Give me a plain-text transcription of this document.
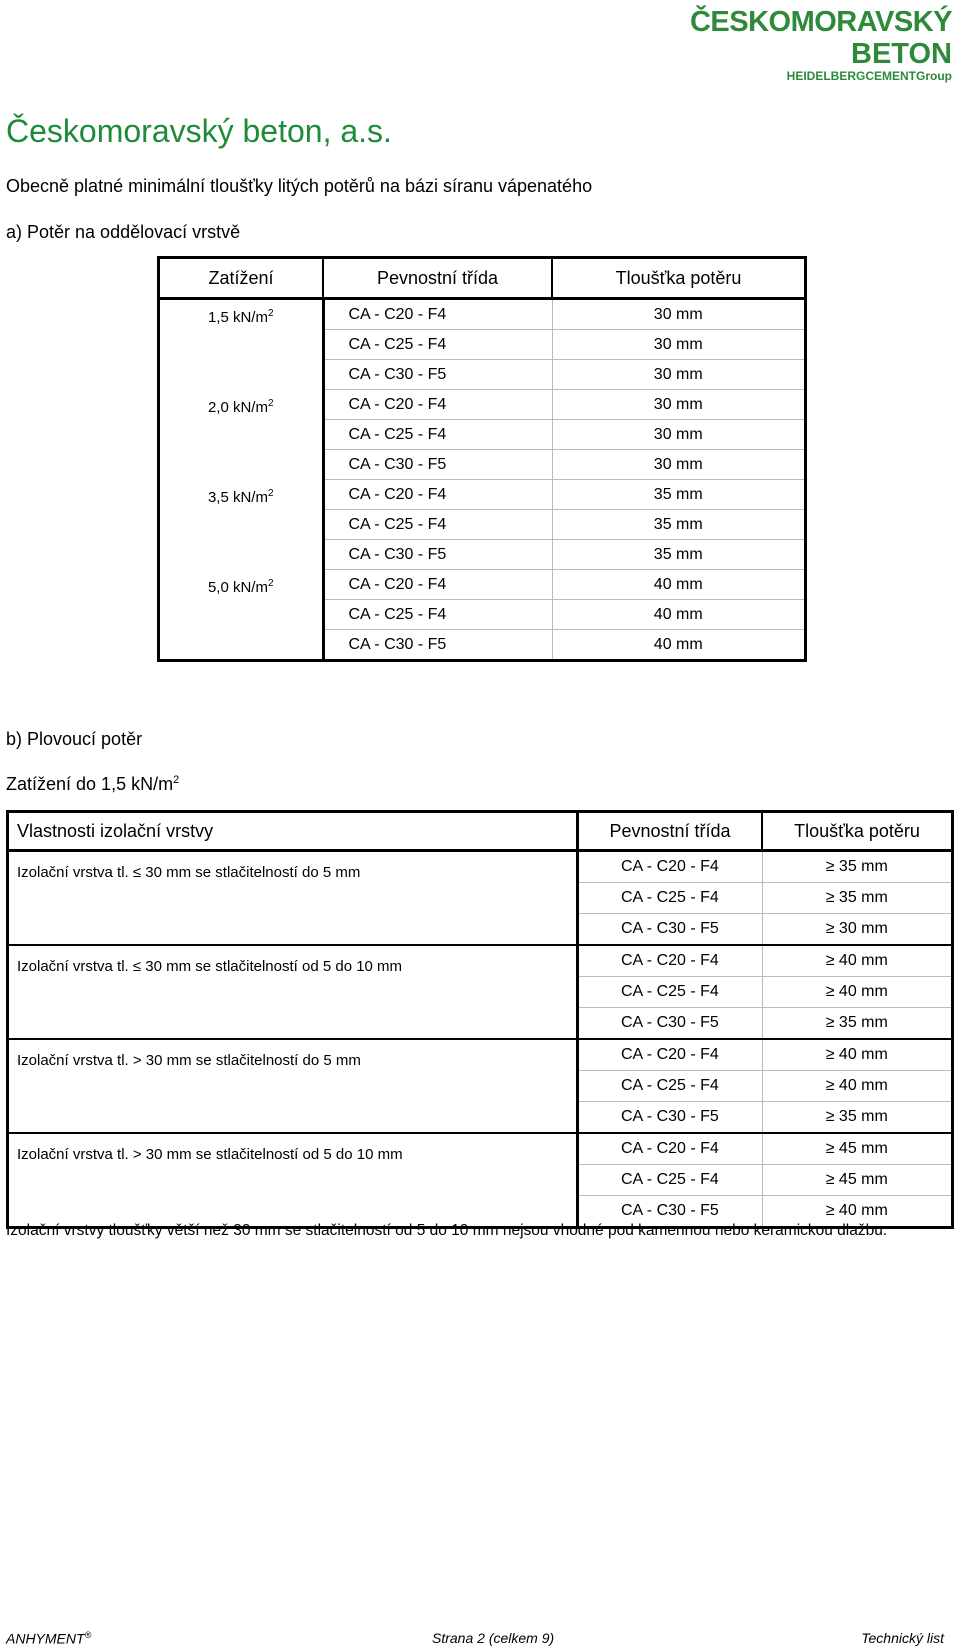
ČESKOMORAVSKÝ
BETON
HEIDELBERGCEMENTGroup
Českomoravský beton, a.s.
Obecně platné minimální tloušťky litých potěrů na bázi síranu vápenatého
a) Potěr na oddělovací vrstvě
Zatížení	Pevnostní třída	Tloušťka potěru
1,5 $kN/m^2$	CA - C20 - F4	30 mm
	CA - C25 - F4	30 mm
	CA - C30 - F5	30 mm
2,0 $kN/m^2$	CA - C20 - F4	30 mm
	CA - C25 - F4	30 mm
	CA - C30 - F5	30 mm
3,5 $kN/m^2$	CA - C20 - F4	35 mm
	CA - C25 - F4	35 mm
	CA - C30 - F5	35 mm
5,0 $kN/m^2$	CA - C20 - F4	40 mm
	CA - C25 - F4	40 mm
	CA - C30 - F5	40 mm
b) Plovoucí potěr
Zatížení do 1,5 $kN/m^2$
Vlastnosti izolační vrstvy	Pevnostní třída	Tloušťka potěru
Izolační vrstva tl. ≤ 30 mm se stlačitelností do 5 mm	CA - C20 - F4	≥ 35 mm
	CA - C25 - F4	≥ 35 mm
	CA - C30 - F5	≥ 30 mm
Izolační vrstva tl. ≤ 30 mm se stlačitelností od 5 do 10 mm	CA - C20 - F4	≥ 40 mm
	CA - C25 - F4	≥ 40 mm
	CA - C30 - F5	≥ 35 mm
Izolační vrstva tl. > 30 mm se stlačitelností do 5 mm	CA - C20 - F4	≥ 40 mm
	CA - C25 - F4	≥ 40 mm
	CA - C30 - F5	≥ 35 mm
Izolační vrstva tl. > 30 mm se stlačitelností od 5 do 10 mm	CA - C20 - F4	≥ 45 mm
	CA - C25 - F4	≥ 45 mm
	CA - C30 - F5	≥ 40 mm
Izolační vrstvy tloušťky větší než 30 mm se stlačitelností od 5 do 10 mm nejsou vhodné pod kamennou nebo keramickou dlažbu.
ANHYMENT®	Strana 2 (celkem 9)	Technický list
